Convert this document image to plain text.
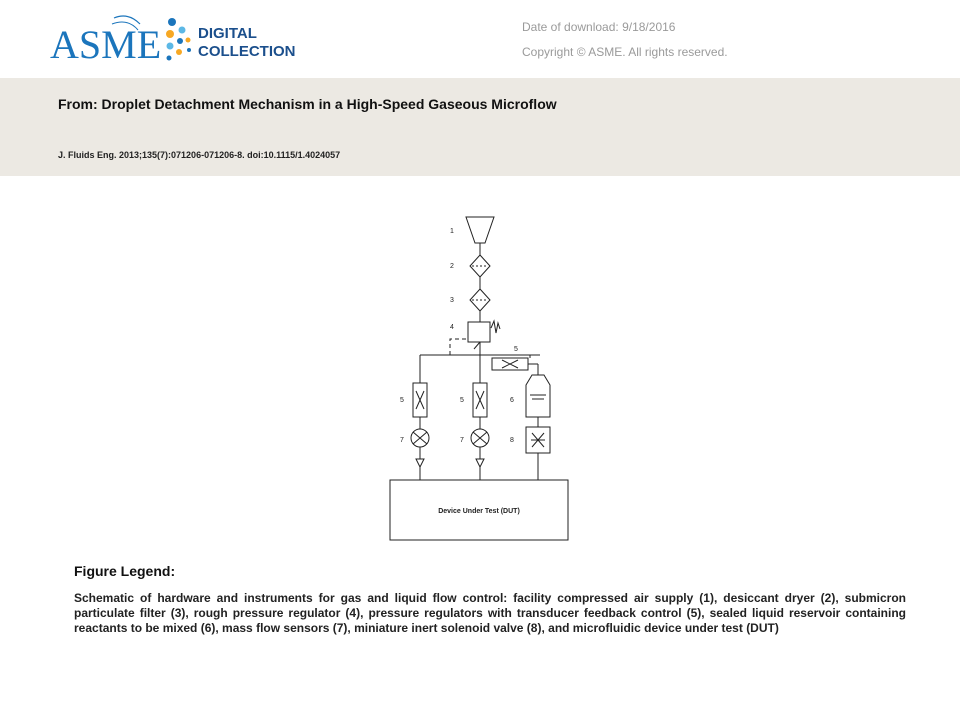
ASME DIGITAL
COLLECTION
Date of download: 9/18/2016
Copyright © ASME. All rights reserved.
From: Droplet Detachment Mechanism in a High-Speed Gaseous Microflow
J. Fluids Eng. 2013;135(7):071206-071206-8. doi:10.1115/1.4024057
1
2
3
4
5
5	5	6
7	7	8
Device Under Test (DUT)
Figure Legend:
Schematic of hardware and instruments for gas and liquid flow control: facility compressed air supply (1), desiccant dryer (2), submicron particulate filter (3), rough pressure regulator (4), pressure regulators with transducer feedback control (5), sealed liquid reservoir containing reactants to be mixed (6), mass flow sensors (7), miniature inert solenoid valve (8), and microfluidic device under test (DUT)
